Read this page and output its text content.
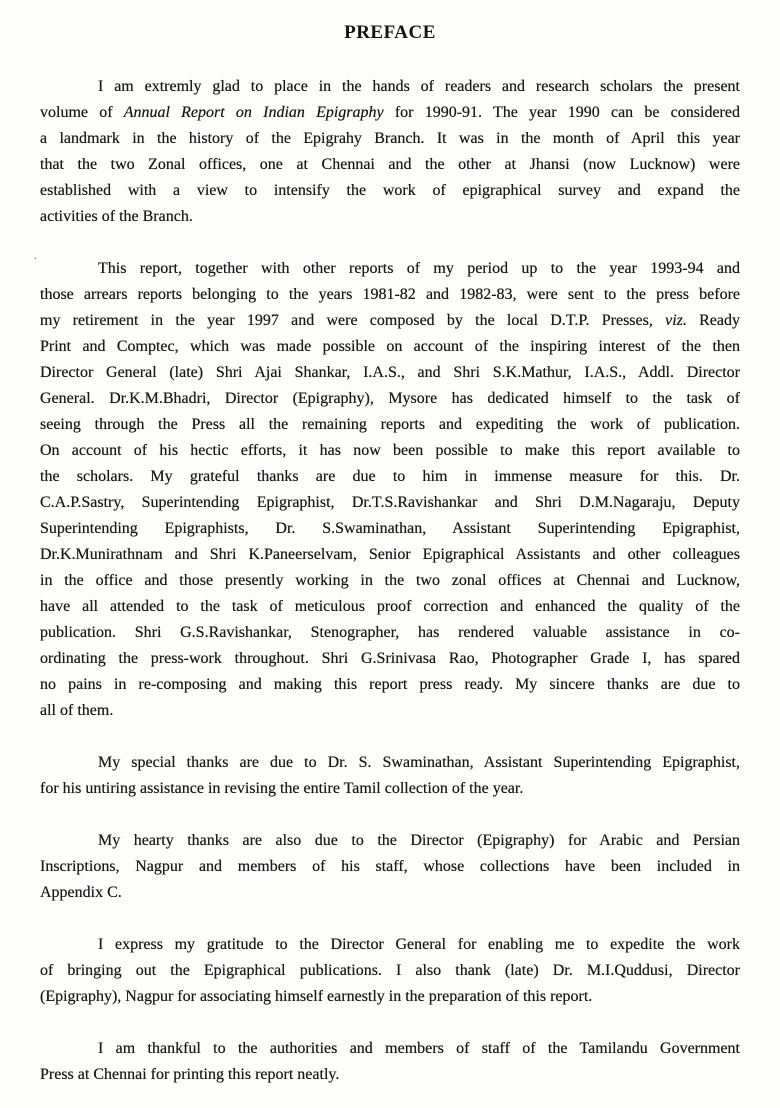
PREFACE
·
I am extremly glad to place in the hands of readers and research scholars the present
volume of Annual Report on Indian Epigraphy for 1990-91. The year 1990 can be considered
a landmark in the history of the Epigrahy Branch. It was in the month of April this year
that the two Zonal offices, one at Chennai and the other at Jhansi (now Lucknow) were
established with a view to intensify the work of epigraphical survey and expand the
activities of the Branch.
This report, together with other reports of my period up to the year 1993-94 and
those arrears reports belonging to the years 1981-82 and 1982-83, were sent to the press before
my retirement in the year 1997 and were composed by the local D.T.P. Presses, viz. Ready
Print and Comptec, which was made possible on account of the inspiring interest of the then
Director General (late) Shri Ajai Shankar, I.A.S., and Shri S.K.Mathur, I.A.S., Addl. Director
General. Dr.K.M.Bhadri, Director (Epigraphy), Mysore has dedicated himself to the task of
seeing through the Press all the remaining reports and expediting the work of publication.
On account of his hectic efforts, it has now been possible to make this report available to
the scholars. My grateful thanks are due to him in immense measure for this. Dr.
C.A.P.Sastry, Superintending Epigraphist, Dr.T.S.Ravishankar and Shri D.M.Nagaraju, Deputy
Superintending Epigraphists, Dr. S.Swaminathan, Assistant Superintending Epigraphist,
Dr.K.Munirathnam and Shri K.Paneerselvam, Senior Epigraphical Assistants and other colleagues
in the office and those presently working in the two zonal offices at Chennai and Lucknow,
have all attended to the task of meticulous proof correction and enhanced the quality of the
publication. Shri G.S.Ravishankar, Stenographer, has rendered valuable assistance in co-
ordinating the press-work throughout. Shri G.Srinivasa Rao, Photographer Grade I, has spared
no pains in re-composing and making this report press ready. My sincere thanks are due to
all of them.
My special thanks are due to Dr. S. Swaminathan, Assistant Superintending Epigraphist,
for his untiring assistance in revising the entire Tamil collection of the year.
My hearty thanks are also due to the Director (Epigraphy) for Arabic and Persian
Inscriptions, Nagpur and members of his staff, whose collections have been included in
Appendix C.
I express my gratitude to the Director General for enabling me to expedite the work
of bringing out the Epigraphical publications. I also thank (late) Dr. M.I.Quddusi, Director
(Epigraphy), Nagpur for associating himself earnestly in the preparation of this report.
I am thankful to the authorities and members of staff of the Tamilandu Government
Press at Chennai for printing this report neatly.
